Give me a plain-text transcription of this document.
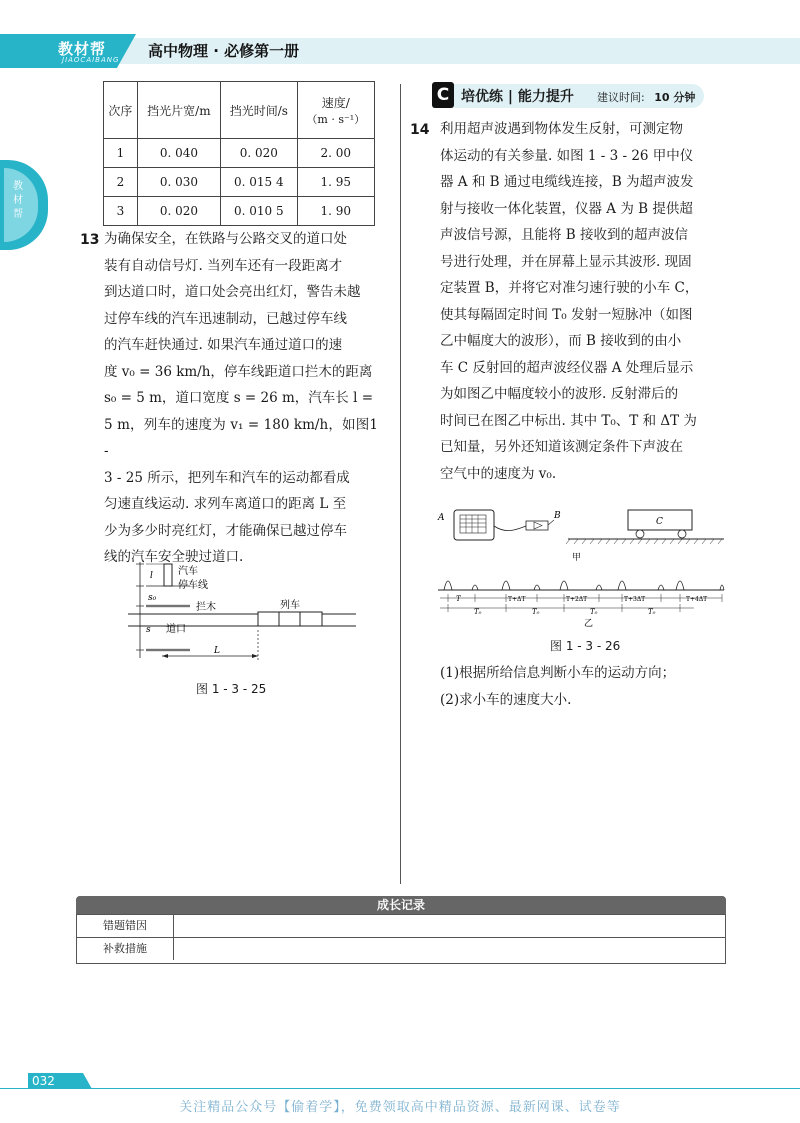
教材帮
JIAOCAIBANG 高中物理 · 必修第一册
教材帮
次序	挡光片宽/m	挡光时间/s	速度/
（m · s⁻¹）

1	0. 040	0. 020	2. 00
2	0. 030	0. 015 4	1. 95
3	0. 020	0. 010 5	1. 90
13 为确保安全，在铁路与公路交叉的道口处
装有自动信号灯. 当列车还有一段距离才
到达道口时，道口处会亮出红灯，警告未越
过停车线的汽车迅速制动，已越过停车线
的汽车赶快通过. 如果汽车通过道口的速
度 v₀ = 36 km/h，停车线距道口拦木的距离
s₀ = 5 m，道口宽度 s = 26 m，汽车长 l =
5 m，列车的速度为 v₁ = 180 km/h，如图1 -
3 - 25 所示，把列车和汽车的运动都看成
匀速直线运动. 求列车离道口的距离 L 至
少为多少时亮红灯，才能确保已越过停车
线的汽车安全驶过道口.
l	汽车
停车线
s₀
拦木	列车
s 道口
L
图 1 - 3 - 25
C 培优练 | 能力提升 建议时间: 10 分钟
14 利用超声波遇到物体发生反射，可测定物
体运动的有关参量. 如图 1 - 3 - 26 甲中仪
器 A 和 B 通过电缆线连接，B 为超声波发
射与接收一体化装置，仪器 A 为 B 提供超
声波信号源，且能将 B 接收到的超声波信
号进行处理，并在屏幕上显示其波形. 现固
定装置 B，并将它对准匀速行驶的小车 C，
使其每隔固定时间 T₀ 发射一短脉冲（如图
乙中幅度大的波形），而 B 接收到的由小
车 C 反射回的超声波经仪器 A 处理后显示
为如图乙中幅度较小的波形. 反射滞后的
时间已在图乙中标出. 其中 T₀、T 和 ΔT 为
已知量，另外还知道该测定条件下声波在
空气中的速度为 v₀.
A	B
C
甲
T	T+ΔT	T+2ΔT	T+3ΔT	T+4ΔT
T₀	T₀	T₀	T₀
乙
图 1 - 3 - 26
(1)根据所给信息判断小车的运动方向；
(2)求小车的速度大小.
成长记录
错题错因
补救措施
032
关注精品公众号【偷着学】，免费领取高中精品资源、最新网课、试卷等
